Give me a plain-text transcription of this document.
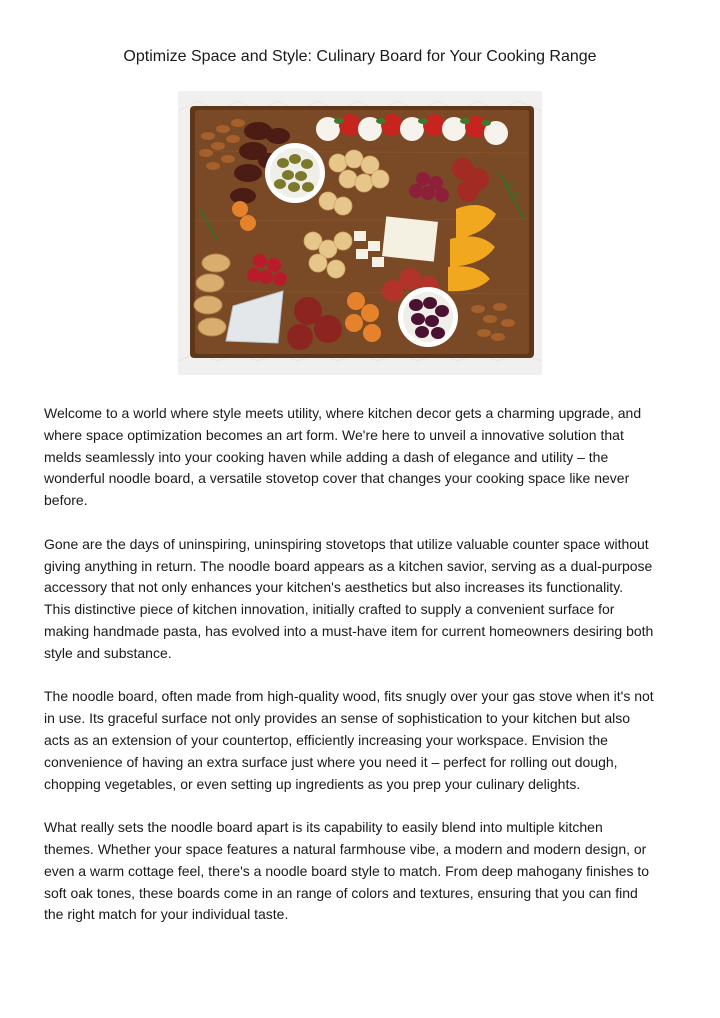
Optimize Space and Style: Culinary Board for Your Cooking Range

Welcome to a world where style meets utility, where kitchen decor gets a charming upgrade, and
where space optimization becomes an art form. We're here to unveil a innovative solution that
melds seamlessly into your cooking haven while adding a dash of elegance and utility – the
wonderful noodle board, a versatile stovetop cover that changes your cooking space like never
before.

Gone are the days of uninspiring, uninspiring stovetops that utilize valuable counter space without
giving anything in return. The noodle board appears as a kitchen savior, serving as a dual-purpose
accessory that not only enhances your kitchen's aesthetics but also increases its functionality.
This distinctive piece of kitchen innovation, initially crafted to supply a convenient surface for
making handmade pasta, has evolved into a must-have item for current homeowners desiring both
style and substance.

The noodle board, often made from high-quality wood, fits snugly over your gas stove when it's not
in use. Its graceful surface not only provides an sense of sophistication to your kitchen but also
acts as an extension of your countertop, efficiently increasing your workspace. Envision the
convenience of having an extra surface just where you need it – perfect for rolling out dough,
chopping vegetables, or even setting up ingredients as you prep your culinary delights.

What really sets the noodle board apart is its capability to easily blend into multiple kitchen
themes. Whether your space features a natural farmhouse vibe, a modern and modern design, or
even a warm cottage feel, there's a noodle board style to match. From deep mahogany finishes to
soft oak tones, these boards come in an range of colors and textures, ensuring that you can find
the right match for your individual taste.
